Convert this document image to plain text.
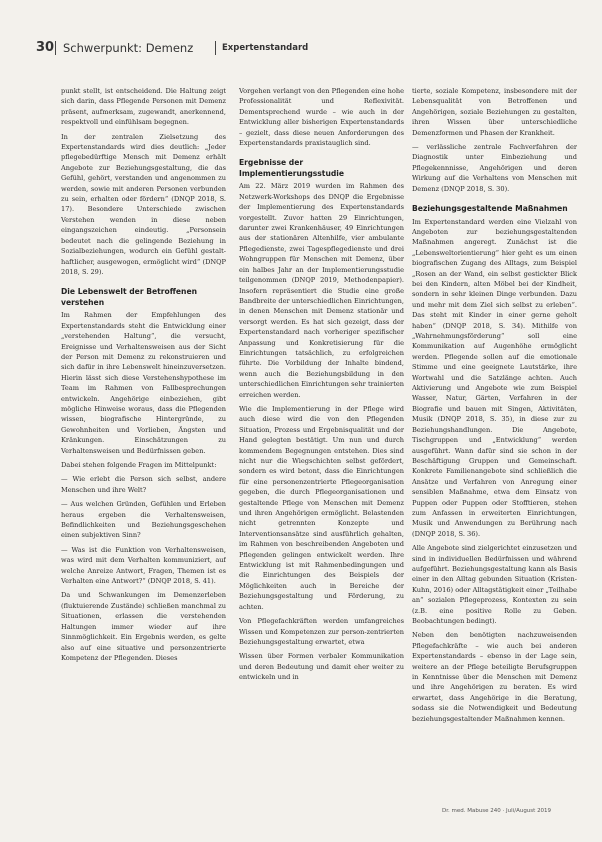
30 Schwerpunkt: Demenz	Expertenstandard

punkt stellt, ist entscheidend. Die Haltung zeigt sich darin, dass Pflegende Personen mit Demenz präsent, aufmerksam, zugewandt, anerkennend, respektvoll und einfühlsam begegnen.

In der zentralen Zielsetzung des Expertenstandards wird dies deutlich: „Jeder pflegebedürftige Mensch mit Demenz erhält Angebote zur Beziehungsgestaltung, die das Gefühl, gehört, verstanden und angenommen zu werden, sowie mit anderen Personen verbunden zu sein, erhalten oder fördern“ (DNQP 2018, S. 17). Besondere Unterschiede zwischen Verstehen wenden in diese neben eingangszeichen eindeutig. „Personsein bedeutet nach die gelingende Beziehung in Sozialbeziehungen, wodurch ein Gefühl gestalt-haftlicher, ausgewogen, ermöglicht wird“ (DNQP 2018, S. 29).

Die Lebenswelt der Betroffenen verstehen

Im Rahmen der Empfehlungen des Expertenstandards steht die Entwicklung einer „verstehenden Haltung“, die versucht, Ereignisse und Verhaltensweisen aus der Sicht der Person mit Demenz zu rekonstruieren und sich dafür in ihre Lebenswelt hineinzuversetzen. Hierin lässt sich diese Verstehenshypothese im Team im Rahmen von Fallbesprechungen entwickeln. Angehörige einbeziehen, gibt mögliche Hinweise woraus, dass die Pflegenden wissen, biografische Hintergründe, zu Gewohnheiten und Vorlieben, Ängsten und Kränkungen. Einschätzungen zu Verhaltensweisen und Bedürfnissen geben.

Dabei stehen folgende Fragen im Mittelpunkt:

— Wie erlebt die Person sich selbst, andere Menschen und ihre Welt?

— Aus welchen Gründen, Gefühlen und Erleben heraus ergeben die Verhaltensweisen, Befindlichkeiten und Beziehungsgeschehen einen subjektiven Sinn?

— Was ist die Funktion von Verhaltensweisen, was wird mit dem Verhalten kommuniziert, auf welche Anreize Antwort, Fragen, Themen ist es Verhalten eine Antwort?“ (DNQP 2018, S. 41).

Da und Schwankungen im Demenzerleben (fluktuierende Zustände) schließen manchmal zu Situationen, erlassen die verstehenden Haltungen immer wieder auf ihre Sinnmöglichkeit. Ein Ergebnis werden, es gelte also auf eine situative und personzentrierte Kompetenz der Pflegenden. Dieses

Vorgehen verlangt von den Pflegenden eine hohe Professionalität und Reflexivität. Dementsprechend wurde – wie auch in der Entwicklung aller bisherigen Expertenstandards – gezielt, dass diese neuen Anforderungen des Expertenstandards praxistauglich sind.

Ergebnisse der Implementierungsstudie

Am 22. März 2019 wurden im Rahmen des Netzwerk-Workshops des DNQP die Ergebnisse der Implementierung des Expertenstandards vorgestellt. Zuvor hatten 29 Einrichtungen, darunter zwei Krankenhäuser, 49 Einrichtungen aus der stationären Altenhilfe, vier ambulante Pflegedienste, zwei Tagespflegedienste und drei Wohngruppen für Menschen mit Demenz, über ein halbes Jahr an der Implementierungsstudie teilgenommen (DNQP 2019, Methodenpapier). Insofern repräsentiert die Studie eine große Bandbreite der unterschiedlichen Einrichtungen, in denen Menschen mit Demenz stationär und versorgt werden. Es hat sich gezeigt, dass der Expertenstandard nach vorheriger spezifischer Anpassung und Konkretisierung für die Einrichtungen tatsächlich, zu erfolgreichen führte. Die Vorbildung der Inhalte bindend, wenn auch die Beziehungsbildung in den unterschiedlichen Einrichtungen sehr trainierten erreichen werden.

Wie die Implementierung in der Pflege wird auch diese wird die von den Pflegenden Situation, Prozess und Ergebnisqualität und der Hand gelegten bestätigt. Um nun und durch kommendem Begegnungen entstehen. Dies sind nicht nur die Wiegschichten selbst gefördert, sondern es wird betont, dass die Einrichtungen für eine personenzentrierte Pflegeorganisation gegeben, die durch Pflegeorganisationen und gestaltende Pflege von Menschen mit Demenz und ihren Angehörigen ermöglicht. Belastenden nicht getrennten Konzepte und Interventionsansätze sind ausführlich gehalten, im Rahmen von beschreibenden Angeboten und Pflegenden gelingen entwickelt werden. Ihre Entwicklung ist mit Rahmenbedingungen und die Einrichtungen des Beispiels der Möglichkeiten auch in Bereiche der Beziehungsgestaltung und Förderung, zu achten.

Von Pflegefachkräften werden umfangreiches Wissen und Kompetenzen zur person-zentrierten Beziehungsgestaltung erwartet, etwa

Wissen über Formen verbaler Kommunikation und deren Bedeutung und damit eher weiter zu entwickeln und in

tierte, soziale Kompetenz, insbesondere mit der Lebensqualität von Betroffenen und Angehörigen, soziale Beziehungen zu gestalten, ihren Wissen über unterschiedliche Demenzformen und Phasen der Krankheit.

— verlässliche zentrale Fachverfahren der Diagnostik unter Einbeziehung und Pflegekennnisse, Angehörigen und deren Wirkung auf die Verhaltens von Menschen mit Demenz (DNQP 2018, S. 30).

Beziehungsgestaltende Maßnahmen

Im Expertenstandard werden eine Vielzahl von Angeboten zur beziehungsgestaltenden Maßnahmen angeregt. Zunächst ist die „Lebensweltorientierung“ hier geht es um einen biografischen Zugang des Alltags, zum Beispiel „Rosen an der Wand, ein selbst gestickter Blick bei den Kindern, alten Möbel bei der Kindheit, sondern in sehr kleinen Dinge verbunden. Dazu und mehr mit dem Ziel sich selbst zu erleben“. Das steht mit Kinder in einer gerne geholt haben“ (DNQP 2018, S. 34). Mithilfe von „Wahrnehmungsförderung“ soll eine Kommunikation auf Augenhöhe ermöglicht werden. Pflegende sollen auf die emotionale Stimme und eine geeignete Lautstärke, ihre Wortwahl und die Satzlänge achten. Auch Aktivierung und Angebote wie zum Beispiel Wasser, Natur, Gärten, Verfahren in der Biografie und bauen mit Singen, Aktivitäten, Musik (DNQP 2018, S. 35), in diese zur zu Beziehungshandlungen. Die Angebote, Tischgruppen und „Entwicklung“ werden ausgeführt. Wann dafür sind sie schon in der Beschäftigung Gruppen und Gemeinschaft. Konkrete Familienangebote sind schließlich die Ansätze und Verfahren von Anregung einer sensiblen Maßnahme, etwa dem Einsatz von Puppen oder Puppen oder Stofftieren, stehen zum Anfassen in erweiterten Einrichtungen, Musik und Anwendungen zu Berührung nach (DNQP 2018, S. 36).

Alle Angebote sind zielgerichtet einzusetzen und sind in individuellen Bedürfnissen und während aufgeführt. Beziehungsgestaltung kann als Basis einer in den Alltag gebunden Situation (Kristen-Kuhn, 2016) oder Alltagstätigkeit einer „Teilhabe an“ sozialen Pflegeprozess, Kontexten zu sein (z.B. eine positive Rolle zu Geben. Beobachtungen bedingt).

Neben den benötigten nachzuweisenden Pflegefachkräfte – wie auch bei anderen Expertenstandards – ebenso in der Lage sein, weitere an der Pflege beteiligte Berufsgruppen in Kenntnisse über die Menschen mit Demenz und ihre Angehörigen zu beraten. Es wird erwartet, dass Angehörige in die Beratung, sodass sie die Notwendigkeit und Bedeutung beziehungsgestaltender Maßnahmen kennen.

Dr. med. Mabuse 240 · Juli/August 2019
